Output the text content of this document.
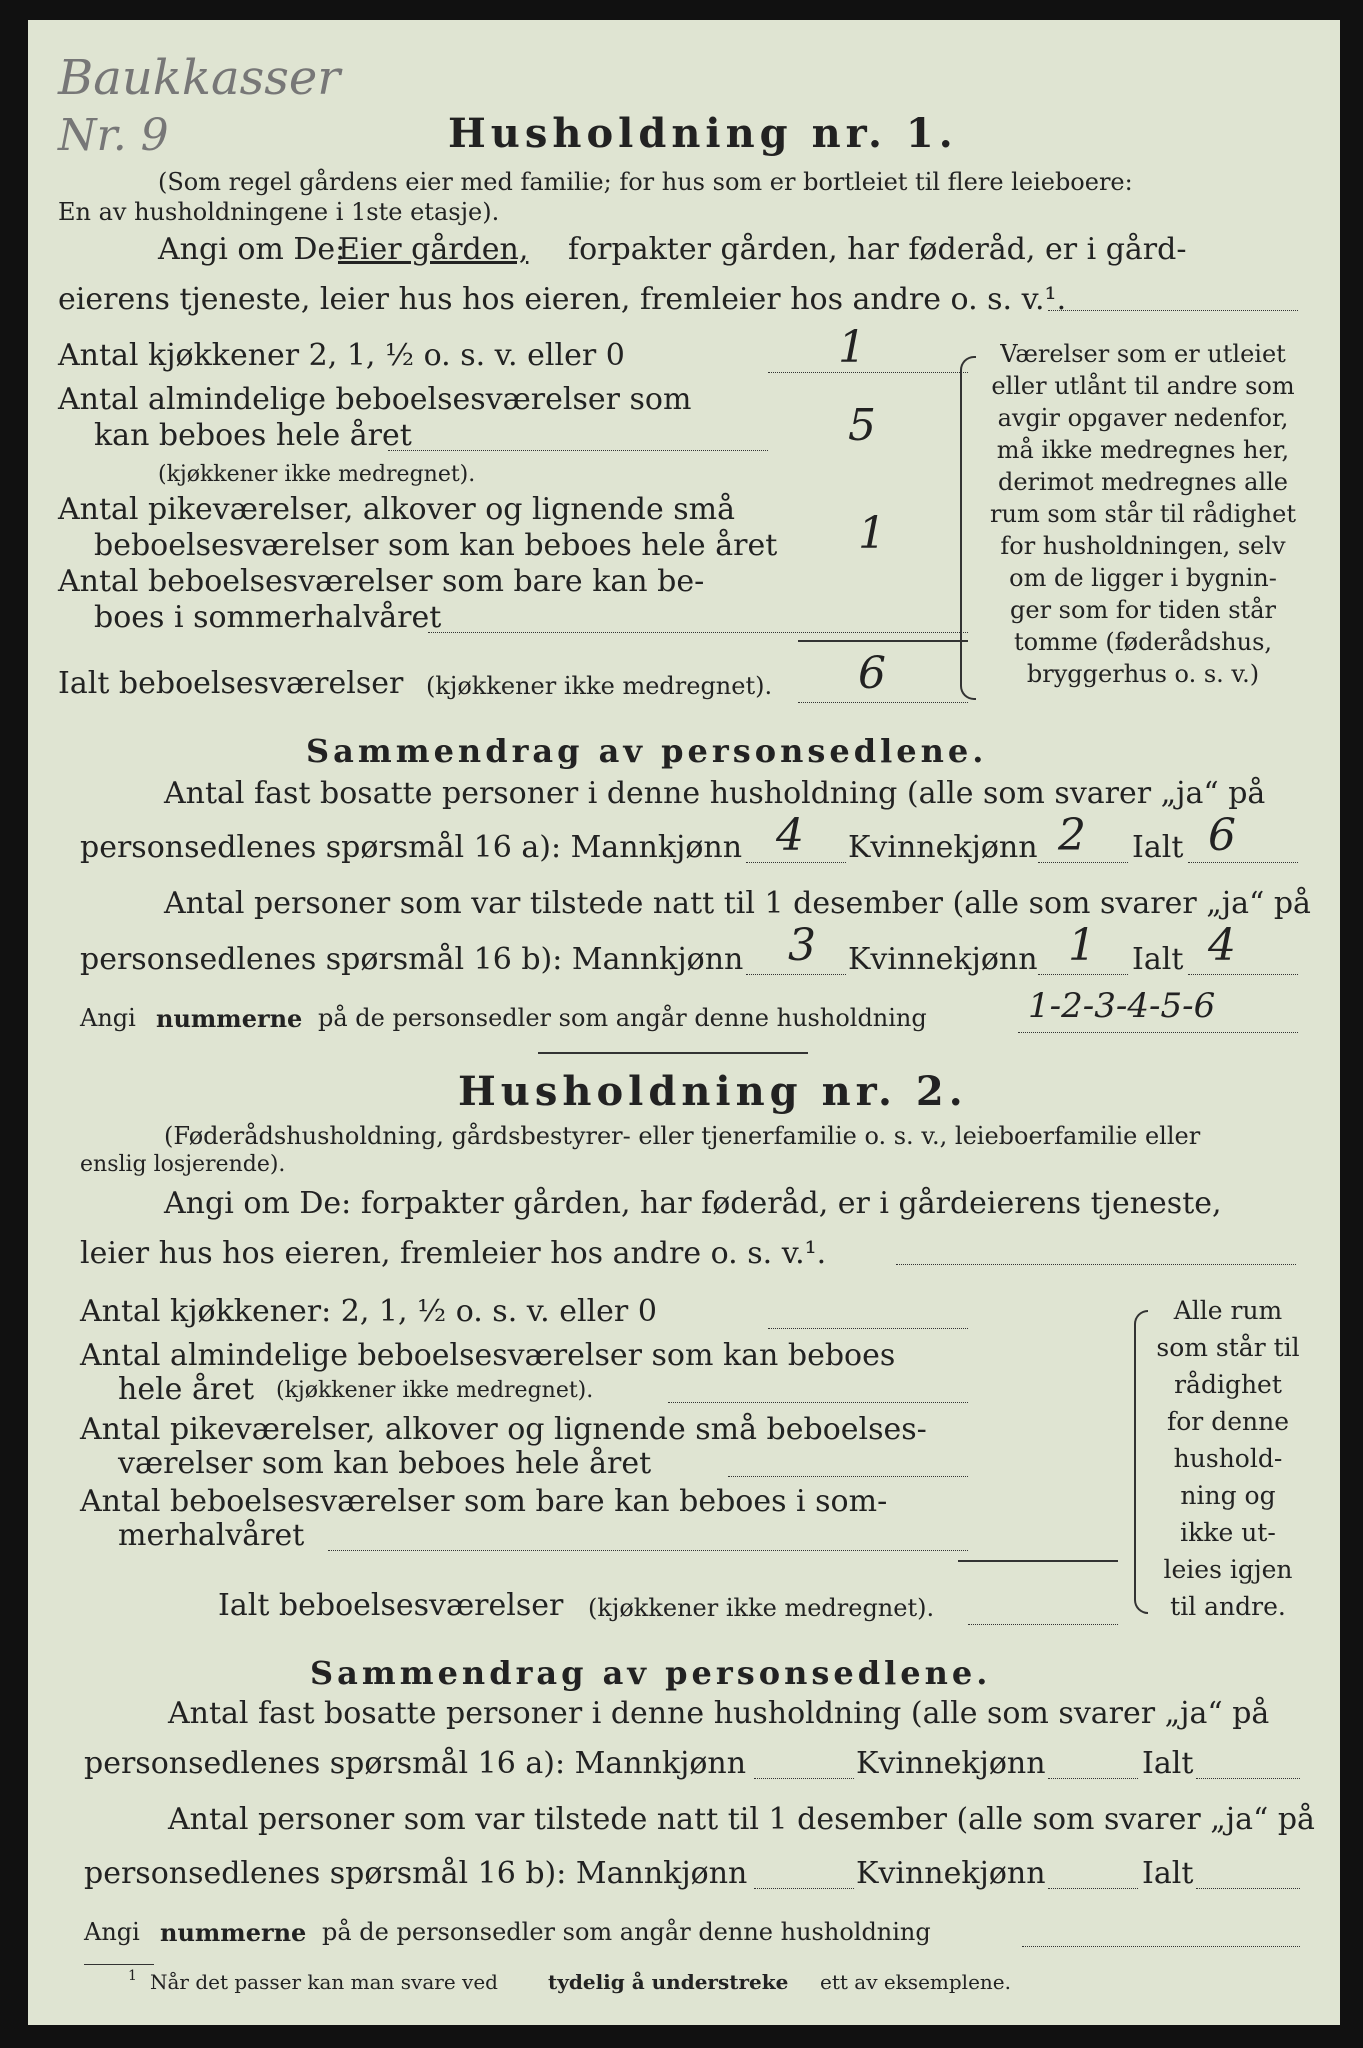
Baukkasser
Nr. 9	Husholdning nr. 1.
(Som regel gårdens eier med familie; for hus som er bortleiet til flere leieboere:
En av husholdningene i 1ste etasje).
Angi om De:
Eier gården, forpakter gården, har føderåd, er i gård-
eierens tjeneste, leier hus hos eieren, fremleier hos andre o. s. v.¹.
Antal kjøkkener 2, 1, ½ o. s. v. eller 0	1
Antal almindelige beboelsesværelser som
kan beboes hele året	5
(kjøkkener ikke medregnet).
Antal pikeværelser, alkover og lignende små
beboelsesværelser som kan beboes hele året 1
Antal beboelsesværelser som bare kan be-
boes i sommerhalvåret
Ialt beboelsesværelser (kjøkkener ikke medregnet). 6
Værelser som er utleiet
eller utlånt til andre som
avgir opgaver nedenfor,
må ikke medregnes her,
derimot medregnes alle
rum som står til rådighet
for husholdningen, selv
om de ligger i bygnin-
ger som for tiden står
tomme (føderådshus,
bryggerhus o. s. v.)
Sammendrag av personsedlene.
Antal fast bosatte personer i denne husholdning (alle som svarer „ja“ på
personsedlenes spørsmål 16 a): Mannkjønn 4 Kvinnekjønn 2 Ialt 6
Antal personer som var tilstede natt til 1 desember (alle som svarer „ja“ på
personsedlenes spørsmål 16 b): Mannkjønn 3 Kvinnekjønn 1 Ialt 4
Angi nummerne på de personsedler som angår denne husholdning	1-2-3-4-5-6
Husholdning nr. 2.
(Føderådshusholdning, gårdsbestyrer- eller tjenerfamilie o. s. v., leieboerfamilie eller
enslig losjerende).
Angi om De: forpakter gården, har føderåd, er i gårdeierens tjeneste,
leier hus hos eieren, fremleier hos andre o. s. v.¹.
Antal kjøkkener: 2, 1, ½ o. s. v. eller 0
Antal almindelige beboelsesværelser som kan beboes
hele året (kjøkkener ikke medregnet).
Antal pikeværelser, alkover og lignende små beboelses-
værelser som kan beboes hele året
Antal beboelsesværelser som bare kan beboes i som-
merhalvåret
Ialt beboelsesværelser (kjøkkener ikke medregnet).
Alle rum
som står til
rådighet
for denne
hushold-
ning og
ikke ut-
leies igjen
til andre.
Sammendrag av personsedlene.
Antal fast bosatte personer i denne husholdning (alle som svarer „ja“ på
personsedlenes spørsmål 16 a): Mannkjønn	Kvinnekjønn	Ialt
Antal personer som var tilstede natt til 1 desember (alle som svarer „ja“ på
personsedlenes spørsmål 16 b): Mannkjønn	Kvinnekjønn	Ialt
Angi nummerne på de personsedler som angår denne husholdning
1 Når det passer kan man svare ved	tydelig å understreke ett av eksemplene.
